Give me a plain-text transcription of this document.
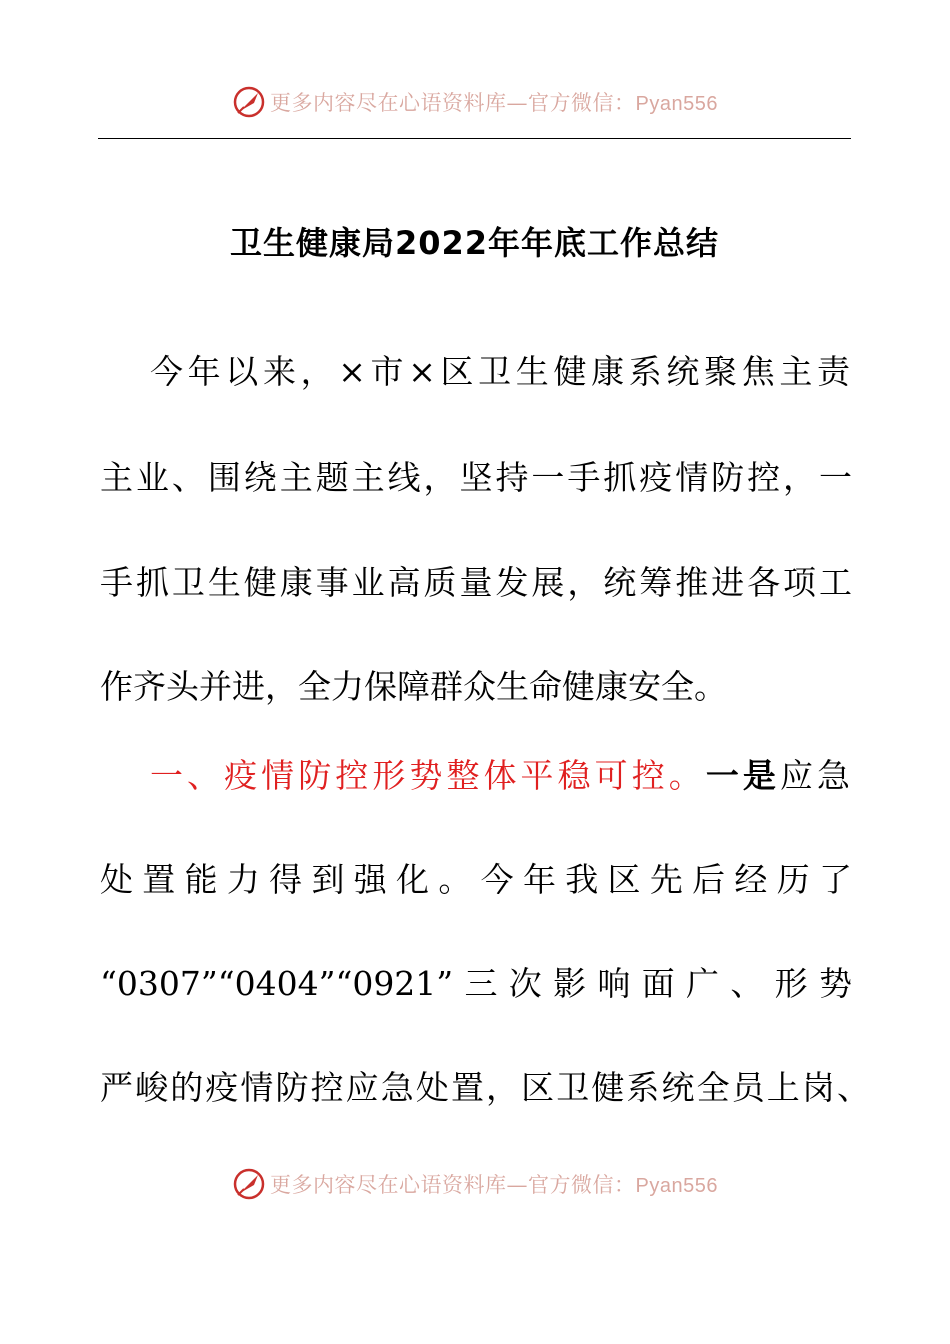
更多内容尽在心语资料库—官方微信：Pyan556
卫生健康局2022年年底工作总结
今年以来，×市×区卫生健康系统聚焦主责
主业、围绕主题主线，坚持一手抓疫情防控，一
手抓卫生健康事业高质量发展，统筹推进各项工
作齐头并进，全力保障群众生命健康安全。
一、疫情防控形势整体平稳可控。一是应急
处置能力得到强化。今年我区先后经历了
“0307”“0404”“0921”三次影响面广、形势
严峻的疫情防控应急处置，区卫健系统全员上岗、
更多内容尽在心语资料库—官方微信：Pyan556
